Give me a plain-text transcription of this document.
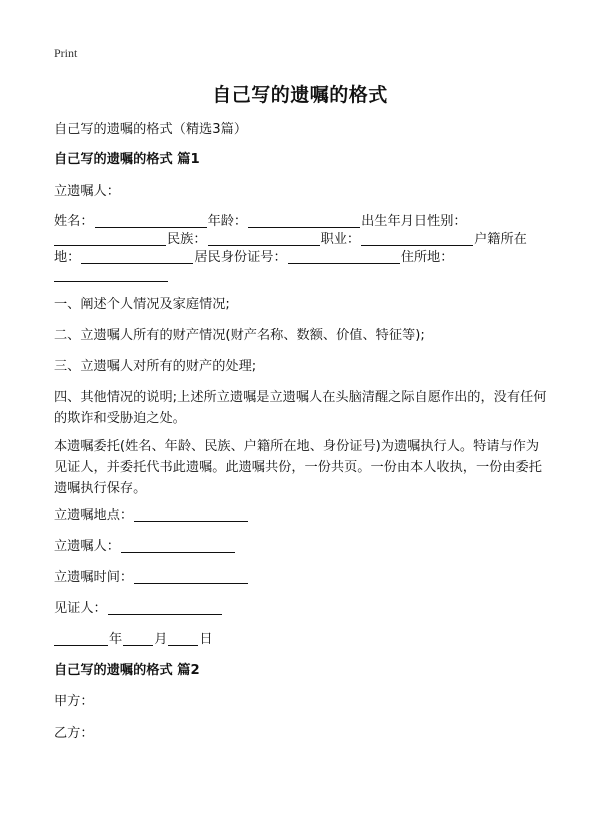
Print
自己写的遗嘱的格式
自己写的遗嘱的格式（精选3篇）
自己写的遗嘱的格式 篇1
立遗嘱人：
姓名：	年龄：	出生年月日性别：
民族：	职业：	户籍所在
地：	居民身份证号：	住所地：
一、阐述个人情况及家庭情况;
二、立遗嘱人所有的财产情况(财产名称、数额、价值、特征等);
三、立遗嘱人对所有的财产的处理;
四、其他情况的说明;上述所立遗嘱是立遗嘱人在头脑清醒之际自愿作出的，没有任何的欺诈和受胁迫之处。
本遗嘱委托(姓名、年龄、民族、户籍所在地、身份证号)为遗嘱执行人。特请与作为见证人，并委托代书此遗嘱。此遗嘱共份，一份共页。一份由本人收执，一份由委托遗嘱执行保存。
立遗嘱地点：
立遗嘱人：
立遗嘱时间：
见证人：
年 月 日
自己写的遗嘱的格式 篇2
甲方：
乙方：
